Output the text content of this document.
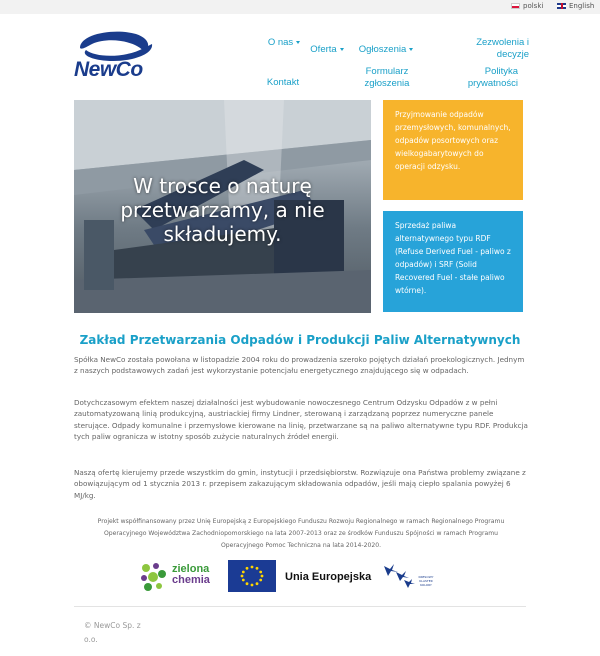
polski	English
NewCo
O nas
Oferta	Ogłoszenia
Zezwolenia i decyzje
Kontakt
Formularz zgłoszenia
Polityka prywatności
W trosce o naturę przetwarzamy, a nie składujemy.
Przyjmowanie odpadów przemysłowych, komunalnych, odpadów posortowych oraz wielkogabarytowych do operacji odzysku.
Sprzedaż paliwa alternatywnego typu RDF (Refuse Derived Fuel - paliwo z odpadów) i SRF (Solid Recovered Fuel - stałe paliwo wtórne).
Zakład Przetwarzania Odpadów i Produkcji Paliw Alternatywnych

Spółka NewCo została powołana w listopadzie 2004 roku do prowadzenia szeroko pojętych działań proekologicznych. Jednym z naszych podstawowych zadań jest wykorzystanie potencjału energetycznego znajdującego się w odpadach.

Dotychczasowym efektem naszej działalności jest wybudowanie nowoczesnego Centrum Odzysku Odpadów z w pełni zautomatyzowaną linią produkcyjną, austriackiej firmy Lindner, sterowaną i zarządzaną poprzez numeryczne panele sterujące. Odpady komunalne i przemysłowe kierowane na linię, przetwarzane są na paliwo alternatywne typu RDF. Produkcja tych paliw ogranicza w istotny sposób zużycie naturalnych źródeł energii.

Naszą ofertę kierujemy przede wszystkim do gmin, instytucji i przedsiębiorstw. Rozwiązuje ona Państwa problemy związane z obowiązującym od 1 stycznia 2013 r. przepisem zakazującym składowania odpadów, jeśli mają ciepło spalania powyżej 6 MJ/kg.

Projekt współfinansowany przez Unię Europejską z Europejskiego Funduszu Rozwoju Regionalnego w ramach Regionalnego Programu Operacyjnego Województwa Zachodniopomorskiego na lata 2007-2013 oraz ze środków Funduszu Spójności w ramach Programu Operacyjnego Pomoc Techniczna na lata 2014-2020.

zielona
chemia	Unia Europejska	KRESOWY KLASTER KOLORY
© NewCo Sp. z o.o.
